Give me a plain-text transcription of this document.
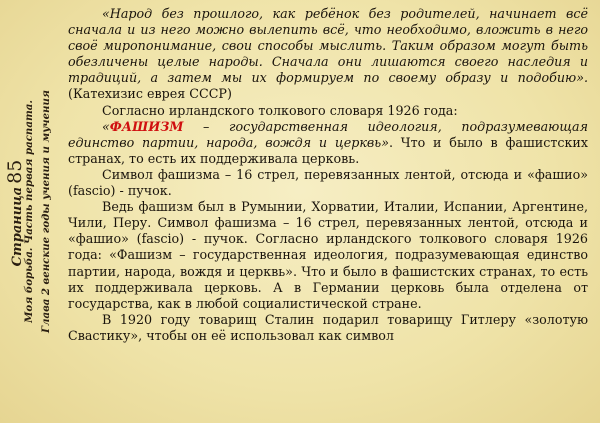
Страница85
Моя борьба. Часть первая распата. Глава 2 венские годы учения и мучения

«Народ без прошлого, как ребёнок без родителей, начинает всё сначала и из него можно вылепить всё, что необходимо, вложить в него своё миропонимание, свои способы мыслить. Таким образом могут быть обезличены целые народы. Сначала они лишаются своего наследия и традиций, а затем мы их формируем по своему образу и подобию». (Катехизис еврея СССР)

Согласно ирландского толкового словаря 1926 года:

«ФАШИЗМ – государственная идеология, подразумевающая единство партии, народа, вождя и церквь». Что и было в фашистских странах, то есть их поддерживала церковь.

Символ фашизма – 16 стрел, перевязанных лентой, отсюда и «фашио» (fascio) - пучок.

Ведь фашизм был в Румынии, Хорватии, Италии, Испании, Аргентине, Чили, Перу. Символ фашизма – 16 стрел, перевязанных лентой, отсюда и «фашио» (fascio) - пучок. Согласно ирландского толкового словаря 1926 года: «Фашизм – государственная идеология, подразумевающая единство партии, народа, вождя и церквь». Что и было в фашистских странах, то есть их поддерживала церковь. А в Германии церковь была отделена от государства, как в любой социалистической стране.

В 1920 году товарищ Сталин подарил товарищу Гитлеру «золотую Свастику», чтобы он её использовал как символ
